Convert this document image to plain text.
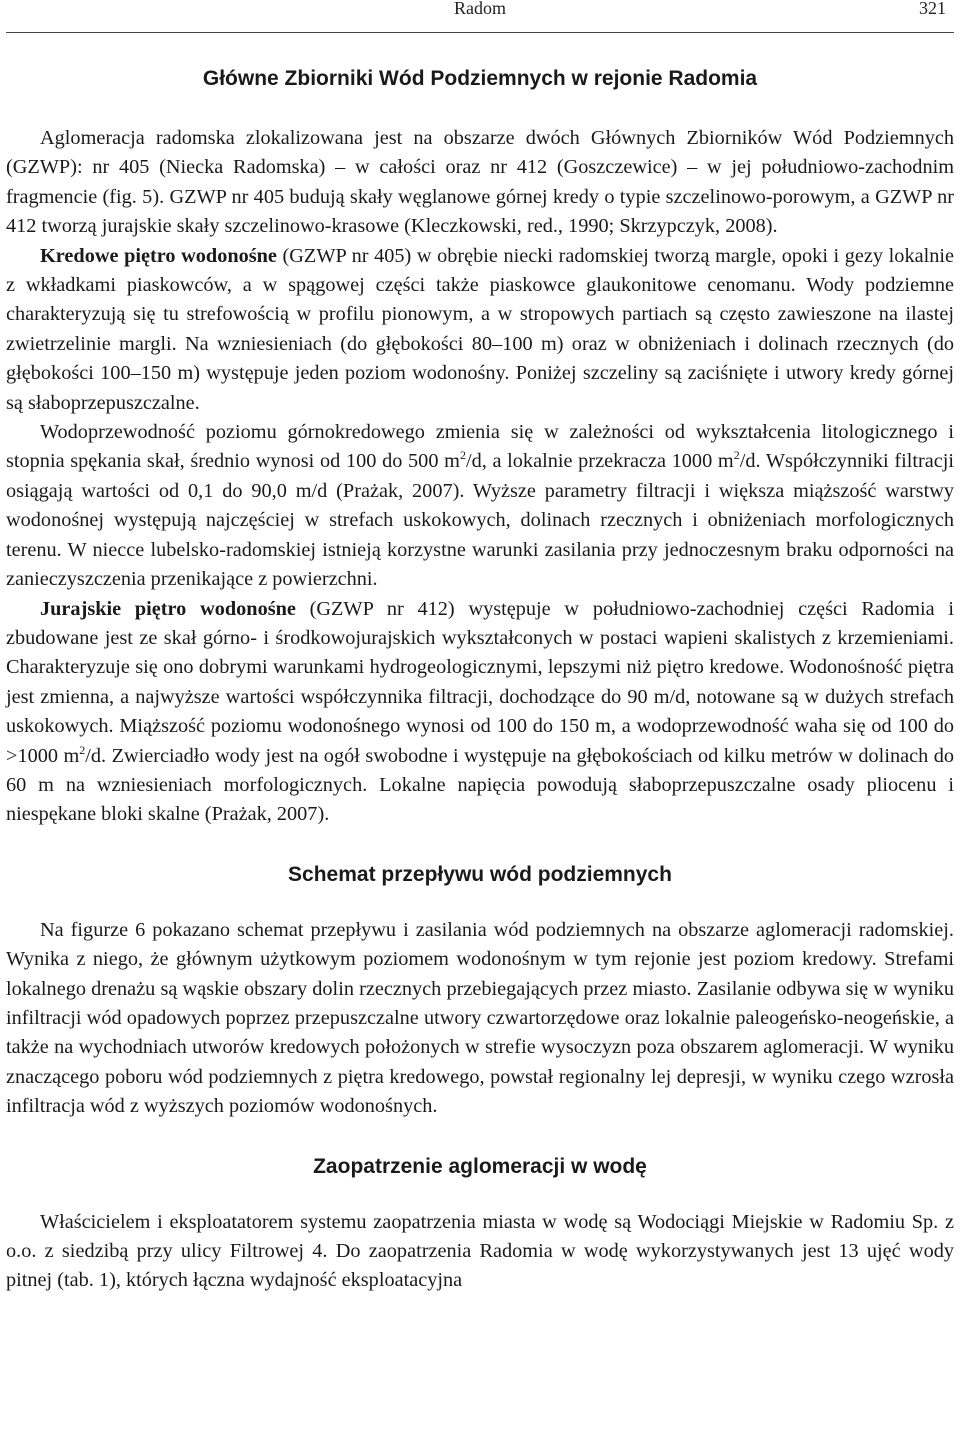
Radom	321
Główne Zbiorniki Wód Podziemnych w rejonie Radomia

Aglomeracja radomska zlokalizowana jest na obszarze dwóch Głównych Zbiorników Wód Podziemnych (GZWP): nr 405 (Niecka Radomska) – w całości oraz nr 412 (Goszczewice) – w jej południowo-zachodnim fragmencie (fig. 5). GZWP nr 405 budują skały węglanowe górnej kredy o typie szczelinowo-porowym, a GZWP nr 412 tworzą jurajskie skały szczelinowo-krasowe (Kleczkowski, red., 1990; Skrzypczyk, 2008).

Kredowe piętro wodonośne (GZWP nr 405) w obrębie niecki radomskiej tworzą margle, opoki i gezy lokalnie z wkładkami piaskowców, a w spągowej części także piaskowce glaukonitowe cenomanu. Wody podziemne charakteryzują się tu strefowością w profilu pionowym, a w stropowych partiach są często zawieszone na ilastej zwietrzelinie margli. Na wzniesieniach (do głębokości 80–100 m) oraz w obniżeniach i dolinach rzecznych (do głębokości 100–150 m) występuje jeden poziom wodonośny. Poniżej szczeliny są zaciśnięte i utwory kredy górnej są słaboprzepuszczalne.

Wodoprzewodność poziomu górnokredowego zmienia się w zależności od wykształcenia litologicznego i stopnia spękania skał, średnio wynosi od 100 do 500 $m^2/d$, a lokalnie przekracza 1000 $m^2/d$. Współczynniki filtracji osiągają wartości od 0,1 do 90,0 m/d (Prażak, 2007). Wyższe parametry filtracji i większa miąższość warstwy wodonośnej występują najczęściej w strefach uskokowych, dolinach rzecznych i obniżeniach morfologicznych terenu. W niecce lubelsko-radomskiej istnieją korzystne warunki zasilania przy jednoczesnym braku odporności na zanieczyszczenia przenikające z powierzchni.

Jurajskie piętro wodonośne (GZWP nr 412) występuje w południowo-zachodniej części Radomia i zbudowane jest ze skał górno- i środkowojurajskich wykształconych w postaci wapieni skalistych z krzemieniami. Charakteryzuje się ono dobrymi warunkami hydrogeologicznymi, lepszymi niż piętro kredowe. Wodonośność piętra jest zmienna, a najwyższe wartości współczynnika filtracji, dochodzące do 90 m/d, notowane są w dużych strefach uskokowych. Miąższość poziomu wodonośnego wynosi od 100 do 150 m, a wodoprzewodność waha się od 100 do >1000 $m^2/d$. Zwierciadło wody jest na ogół swobodne i występuje na głębokościach od kilku metrów w dolinach do 60 m na wzniesieniach morfologicznych. Lokalne napięcia powodują słaboprzepuszczalne osady pliocenu i niespękane bloki skalne (Prażak, 2007).

Schemat przepływu wód podziemnych

Na figurze 6 pokazano schemat przepływu i zasilania wód podziemnych na obszarze aglomeracji radomskiej. Wynika z niego, że głównym użytkowym poziomem wodonośnym w tym rejonie jest poziom kredowy. Strefami lokalnego drenażu są wąskie obszary dolin rzecznych przebiegających przez miasto. Zasilanie odbywa się w wyniku infiltracji wód opadowych poprzez przepuszczalne utwory czwartorzędowe oraz lokalnie paleogeńsko-neogeńskie, a także na wychodniach utworów kredowych położonych w strefie wysoczyzn poza obszarem aglomeracji. W wyniku znaczącego poboru wód podziemnych z piętra kredowego, powstał regionalny lej depresji, w wyniku czego wzrosła infiltracja wód z wyższych poziomów wodonośnych.

Zaopatrzenie aglomeracji w wodę

Właścicielem i eksploatatorem systemu zaopatrzenia miasta w wodę są Wodociągi Miejskie w Radomiu Sp. z o.o. z siedzibą przy ulicy Filtrowej 4. Do zaopatrzenia Radomia w wodę wykorzystywanych jest 13 ujęć wody pitnej (tab. 1), których łączna wydajność eksploatacyjna
